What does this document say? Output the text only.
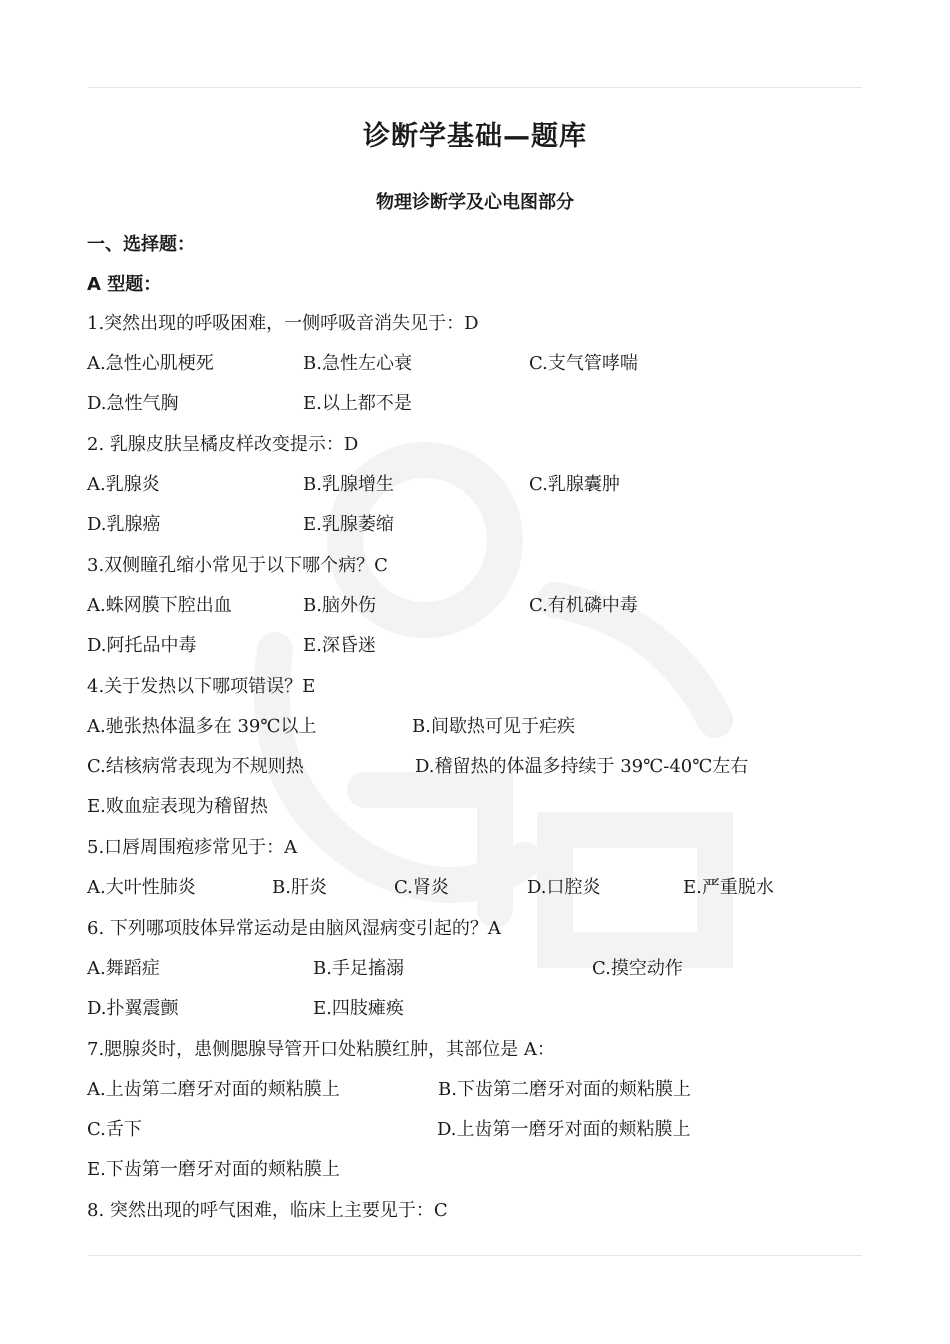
诊断学基础—题库
物理诊断学及心电图部分
一、选择题：
A 型题：
1.突然出现的呼吸困难，一侧呼吸音消失见于：D
A.急性心肌梗死	B.急性左心衰	C.支气管哮喘
D.急性气胸	E.以上都不是
2. 乳腺皮肤呈橘皮样改变提示：D
A.乳腺炎	B.乳腺增生	C.乳腺囊肿
D.乳腺癌	E.乳腺萎缩
3.双侧瞳孔缩小常见于以下哪个病？C
A.蛛网膜下腔出血	B.脑外伤	C.有机磷中毒
D.阿托品中毒	E.深昏迷
4.关于发热以下哪项错误？E
A.驰张热体温多在 39℃以上	B.间歇热可见于疟疾
C.结核病常表现为不规则热	D.稽留热的体温多持续于 39℃-40℃左右
E.败血症表现为稽留热
5.口唇周围疱疹常见于：A
A.大叶性肺炎	B.肝炎	C.肾炎	D.口腔炎	E.严重脱水
6. 下列哪项肢体异常运动是由脑风湿病变引起的？A
A.舞蹈症	B.手足搐溺	C.摸空动作
D.扑翼震颤	E.四肢瘫痪
7.腮腺炎时，患侧腮腺导管开口处粘膜红肿，其部位是 A：
A.上齿第二磨牙对面的颊粘膜上	B.下齿第二磨牙对面的颊粘膜上
C.舌下	D.上齿第一磨牙对面的颊粘膜上
E.下齿第一磨牙对面的颊粘膜上
8. 突然出现的呼气困难，临床上主要见于：C
